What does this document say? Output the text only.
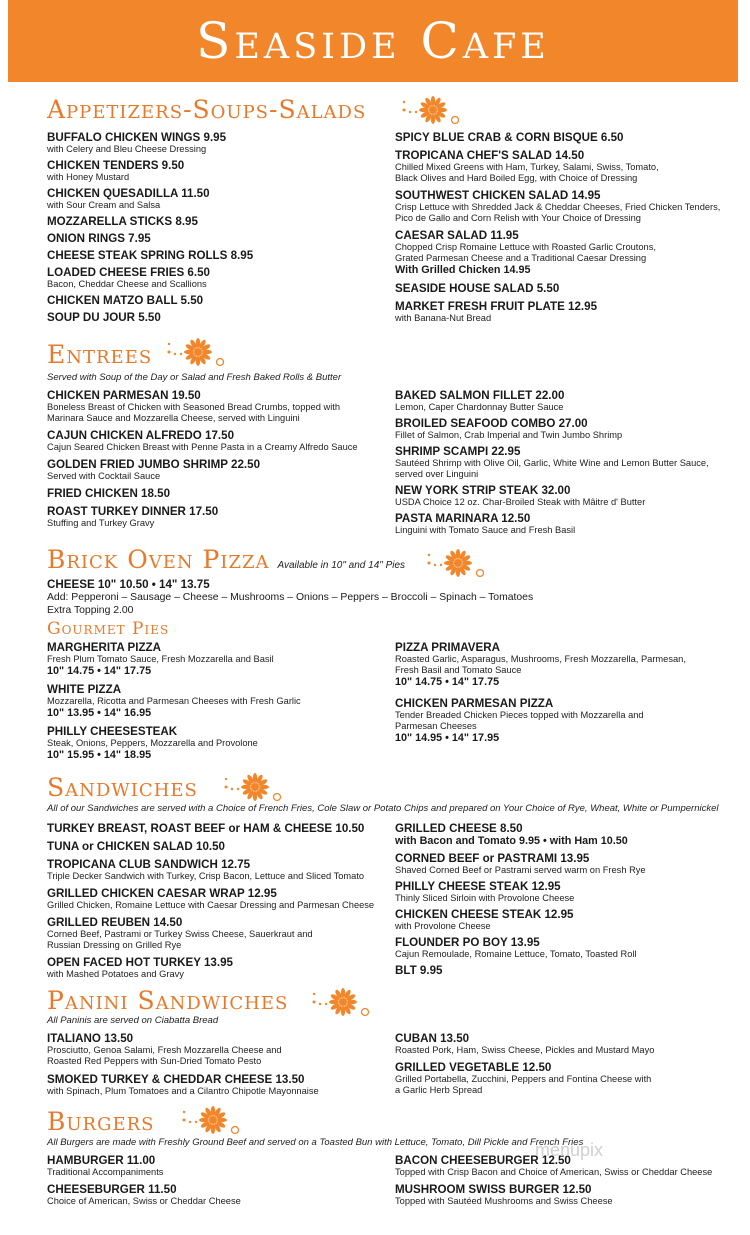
Seaside Cafe
Appetizers-Soups-Salads
BUFFALO CHICKEN WINGS 9.95
with Celery and Bleu Cheese Dressing
CHICKEN TENDERS 9.50
with Honey Mustard
CHICKEN QUESADILLA 11.50
with Sour Cream and Salsa
MOZZARELLA STICKS 8.95
ONION RINGS 7.95
CHEESE STEAK SPRING ROLLS 8.95
LOADED CHEESE FRIES 6.50
Bacon, Cheddar Cheese and Scallions
CHICKEN MATZO BALL 5.50
SOUP DU JOUR 5.50
SPICY BLUE CRAB & CORN BISQUE 6.50
TROPICANA CHEF'S SALAD 14.50
Chilled Mixed Greens with Ham, Turkey, Salami, Swiss, Tomato,
Black Olives and Hard Boiled Egg, with Choice of Dressing
SOUTHWEST CHICKEN SALAD 14.95
Crisp Lettuce with Shredded Jack & Cheddar Cheeses, Fried Chicken Tenders,
Pico de Gallo and Corn Relish with Your Choice of Dressing
CAESAR SALAD 11.95
Chopped Crisp Romaine Lettuce with Roasted Garlic Croutons,
Grated Parmesan Cheese and a Traditional Caesar Dressing
With Grilled Chicken 14.95
SEASIDE HOUSE SALAD 5.50
MARKET FRESH FRUIT PLATE 12.95
with Banana-Nut Bread
Entrees
Served with Soup of the Day or Salad and Fresh Baked Rolls & Butter
CHICKEN PARMESAN 19.50
Boneless Breast of Chicken with Seasoned Bread Crumbs, topped with
Marinara Sauce and Mozzarella Cheese, served with Linguini
CAJUN CHICKEN ALFREDO 17.50
Cajun Seared Chicken Breast with Penne Pasta in a Creamy Alfredo Sauce
GOLDEN FRIED JUMBO SHRIMP 22.50
Served with Cocktail Sauce
FRIED CHICKEN 18.50
ROAST TURKEY DINNER 17.50
Stuffing and Turkey Gravy
BAKED SALMON FILLET 22.00
Lemon, Caper Chardonnay Butter Sauce
BROILED SEAFOOD COMBO 27.00
Fillet of Salmon, Crab Imperial and Twin Jumbo Shrimp
SHRIMP SCAMPI 22.95
Sautéed Shrimp with Olive Oil, Garlic, White Wine and Lemon Butter Sauce,
served over Linguini
NEW YORK STRIP STEAK 32.00
USDA Choice 12 oz. Char-Broiled Steak with Mâitre d' Butter
PASTA MARINARA 12.50
Linguini with Tomato Sauce and Fresh Basil
Brick Oven Pizza Available in 10" and 14" Pies
CHEESE 10" 10.50 • 14" 13.75
Add: Pepperoni – Sausage – Cheese – Mushrooms – Onions – Peppers – Broccoli – Spinach – Tomatoes
Extra Topping 2.00
Gourmet Pies
MARGHERITA PIZZA
Fresh Plum Tomato Sauce, Fresh Mozzarella and Basil
10" 14.75 • 14" 17.75
WHITE PIZZA
Mozzarella, Ricotta and Parmesan Cheeses with Fresh Garlic
10" 13.95 • 14" 16.95
PHILLY CHEESESTEAK
Steak, Onions, Peppers, Mozzarella and Provolone
10" 15.95 • 14" 18.95
PIZZA PRIMAVERA
Roasted Garlic, Asparagus, Mushrooms, Fresh Mozzarella, Parmesan,
Fresh Basil and Tomato Sauce
10" 14.75 • 14" 17.75
CHICKEN PARMESAN PIZZA
Tender Breaded Chicken Pieces topped with Mozzarella and
Parmesan Cheeses
10" 14.95 • 14" 17.95
Sandwiches
All of our Sandwiches are served with a Choice of French Fries, Cole Slaw or Potato Chips and prepared on Your Choice of Rye, Wheat, White or Pumpernickel
TURKEY BREAST, ROAST BEEF or HAM & CHEESE 10.50
TUNA or CHICKEN SALAD 10.50
TROPICANA CLUB SANDWICH 12.75
Triple Decker Sandwich with Turkey, Crisp Bacon, Lettuce and Sliced Tomato
GRILLED CHICKEN CAESAR WRAP 12.95
Grilled Chicken, Romaine Lettuce with Caesar Dressing and Parmesan Cheese
GRILLED REUBEN 14.50
Corned Beef, Pastrami or Turkey Swiss Cheese, Sauerkraut and
Russian Dressing on Grilled Rye
OPEN FACED HOT TURKEY 13.95
with Mashed Potatoes and Gravy
GRILLED CHEESE 8.50
with Bacon and Tomato 9.95 • with Ham 10.50
CORNED BEEF or PASTRAMI 13.95
Shaved Corned Beef or Pastrami served warm on Fresh Rye
PHILLY CHEESE STEAK 12.95
Thinly Sliced Sirloin with Provolone Cheese
CHICKEN CHEESE STEAK 12.95
with Provolone Cheese
FLOUNDER PO BOY 13.95
Cajun Remoulade, Romaine Lettuce, Tomato, Toasted Roll
BLT 9.95
Panini Sandwiches
All Paninis are served on Ciabatta Bread
ITALIANO 13.50
Prosciutto, Genoa Salami, Fresh Mozzarella Cheese and
Roasted Red Peppers with Sun-Dried Tomato Pesto
SMOKED TURKEY & CHEDDAR CHEESE 13.50
with Spinach, Plum Tomatoes and a Cilantro Chipotle Mayonnaise
CUBAN 13.50
Roasted Pork, Ham, Swiss Cheese, Pickles and Mustard Mayo
GRILLED VEGETABLE 12.50
Grilled Portabella, Zucchini, Peppers and Fontina Cheese with
a Garlic Herb Spread
Burgers
All Burgers are made with Freshly Ground Beef and served on a Toasted Bun with Lettuce, Tomato, Dill Pickle and French Fries
HAMBURGER 11.00
Traditional Accompaniments
CHEESEBURGER 11.50
Choice of American, Swiss or Cheddar Cheese
BACON CHEESEBURGER 12.50
Topped with Crisp Bacon and Choice of American, Swiss or Cheddar Cheese
MUSHROOM SWISS BURGER 12.50
Topped with Sautéed Mushrooms and Swiss Cheese
menupix
